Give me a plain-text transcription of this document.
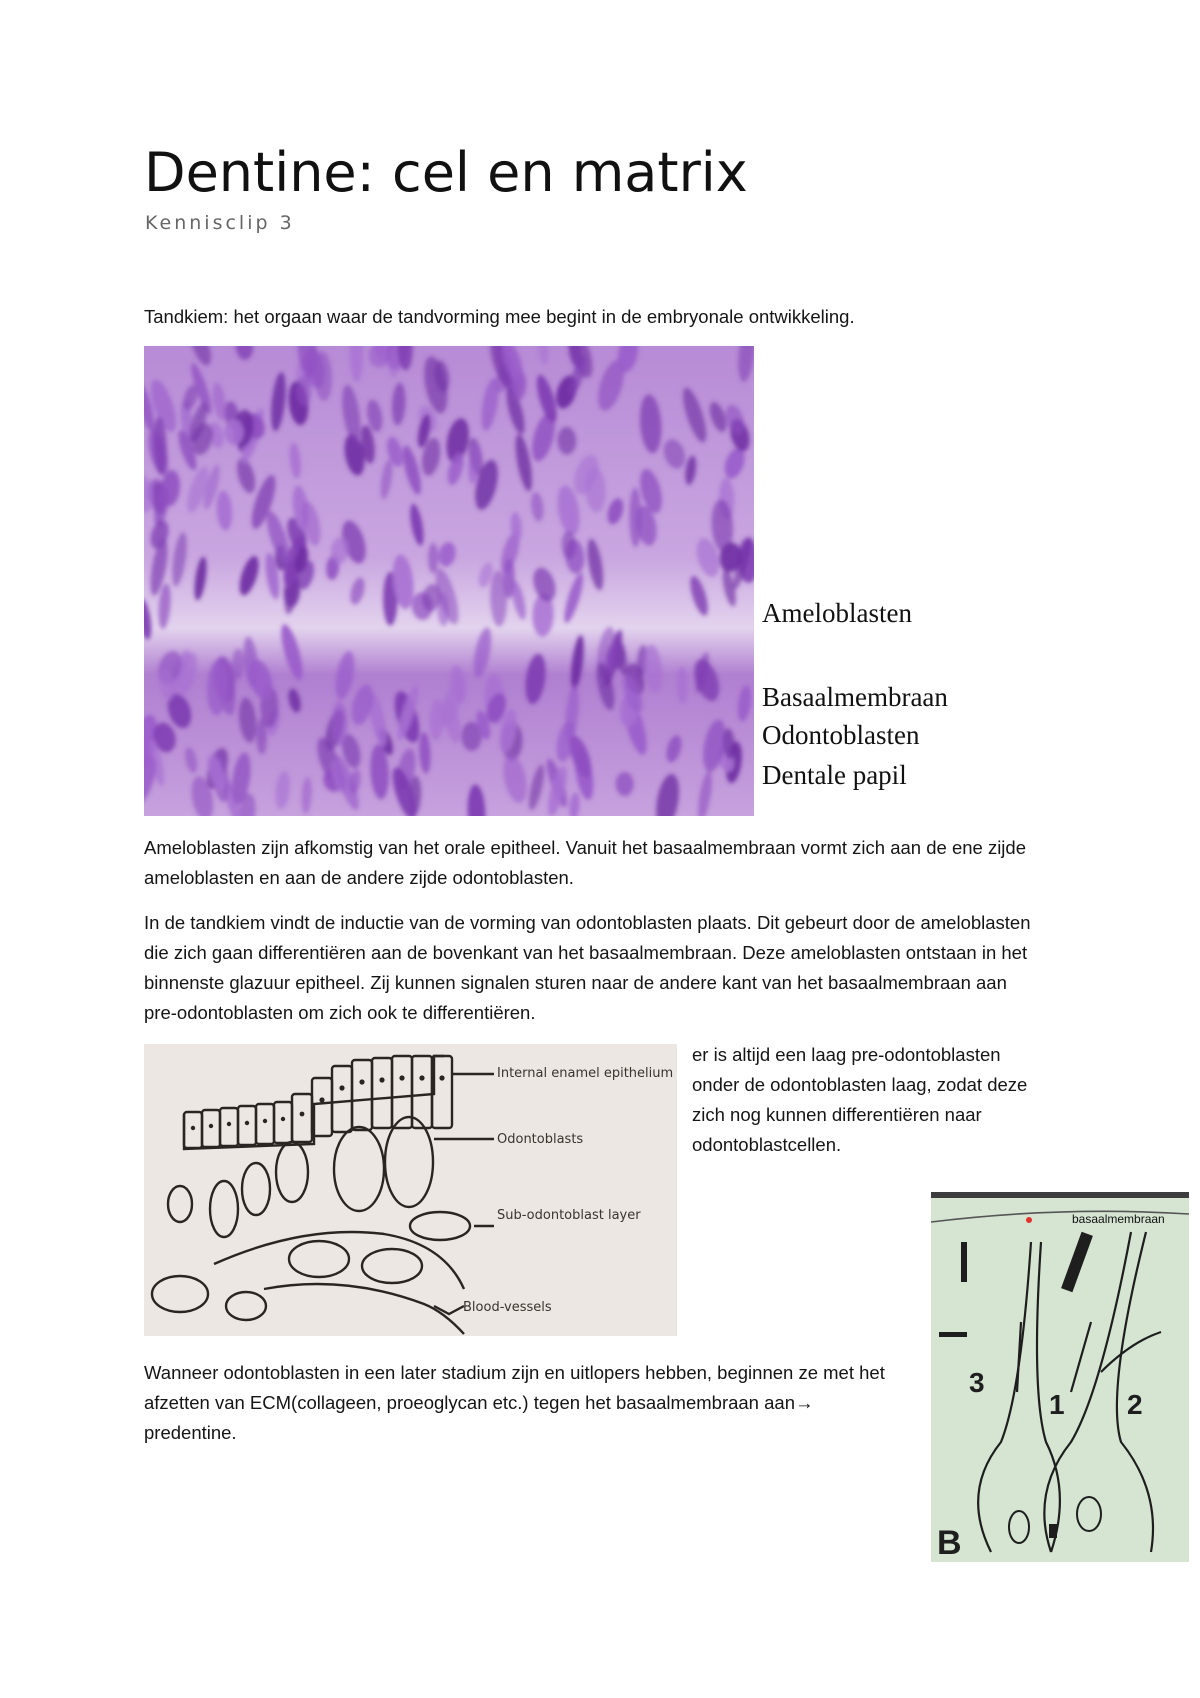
Dentine: cel en matrix
Kennisclip 3
Tandkiem: het orgaan waar de tandvorming mee begint in de embryonale ontwikkeling.
Ameloblasten
Basaalmembraan
Odontoblasten
Dentale papil
Ameloblasten zijn afkomstig van het orale epitheel. Vanuit het basaalmembraan vormt zich aan de ene zijde ameloblasten en aan de andere zijde odontoblasten.
In de tandkiem vindt de inductie van de vorming van odontoblasten plaats. Dit gebeurt door de ameloblasten die zich gaan differentiëren aan de bovenkant van het basaalmembraan. Deze ameloblasten ontstaan in het binnenste glazuur epitheel. Zij kunnen signalen sturen naar de andere kant van het basaalmembraan aan pre-odontoblasten om zich ook te differentiëren.
Internal enamel epithelium
Odontoblasts
Sub-odontoblast layer
Blood-vessels
er is altijd een laag pre-odontoblasten onder de odontoblasten laag, zodat deze zich nog kunnen differentiëren naar odontoblastcellen.
B
3
1 2
basaalmembraan
Wanneer odontoblasten in een later stadium zijn en uitlopers hebben, beginnen ze met het afzetten van ECM(collageen, proeoglycan etc.) tegen het basaalmembraan aan→ predentine.
